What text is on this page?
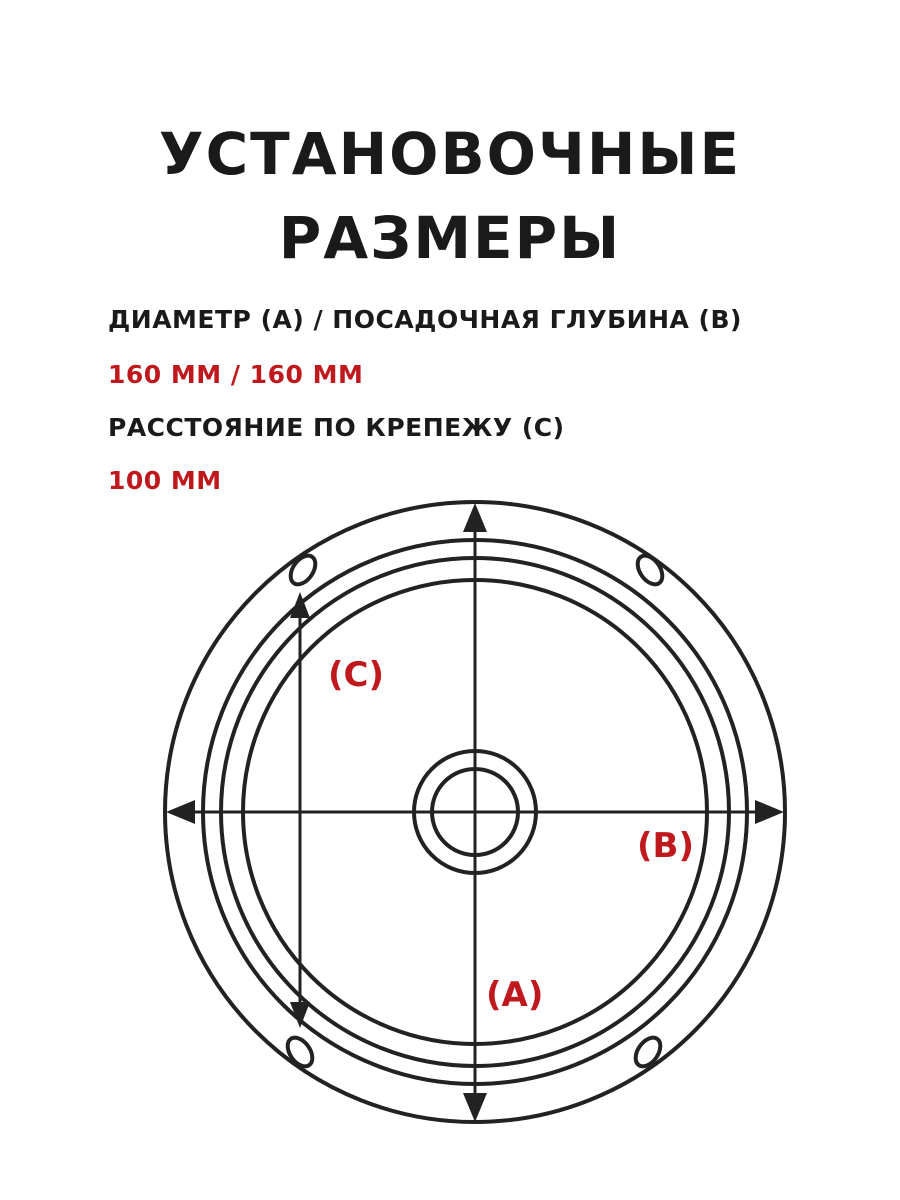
УСТАНОВОЧНЫЕ
РАЗМЕРЫ
ДИАМЕТР (A) / ПОСАДОЧНАЯ ГЛУБИНА (B)
160 ММ / 160 ММ
РАССТОЯНИЕ ПО КРЕПЕЖУ (C)
100 ММ
(C)
(B)
(A)
